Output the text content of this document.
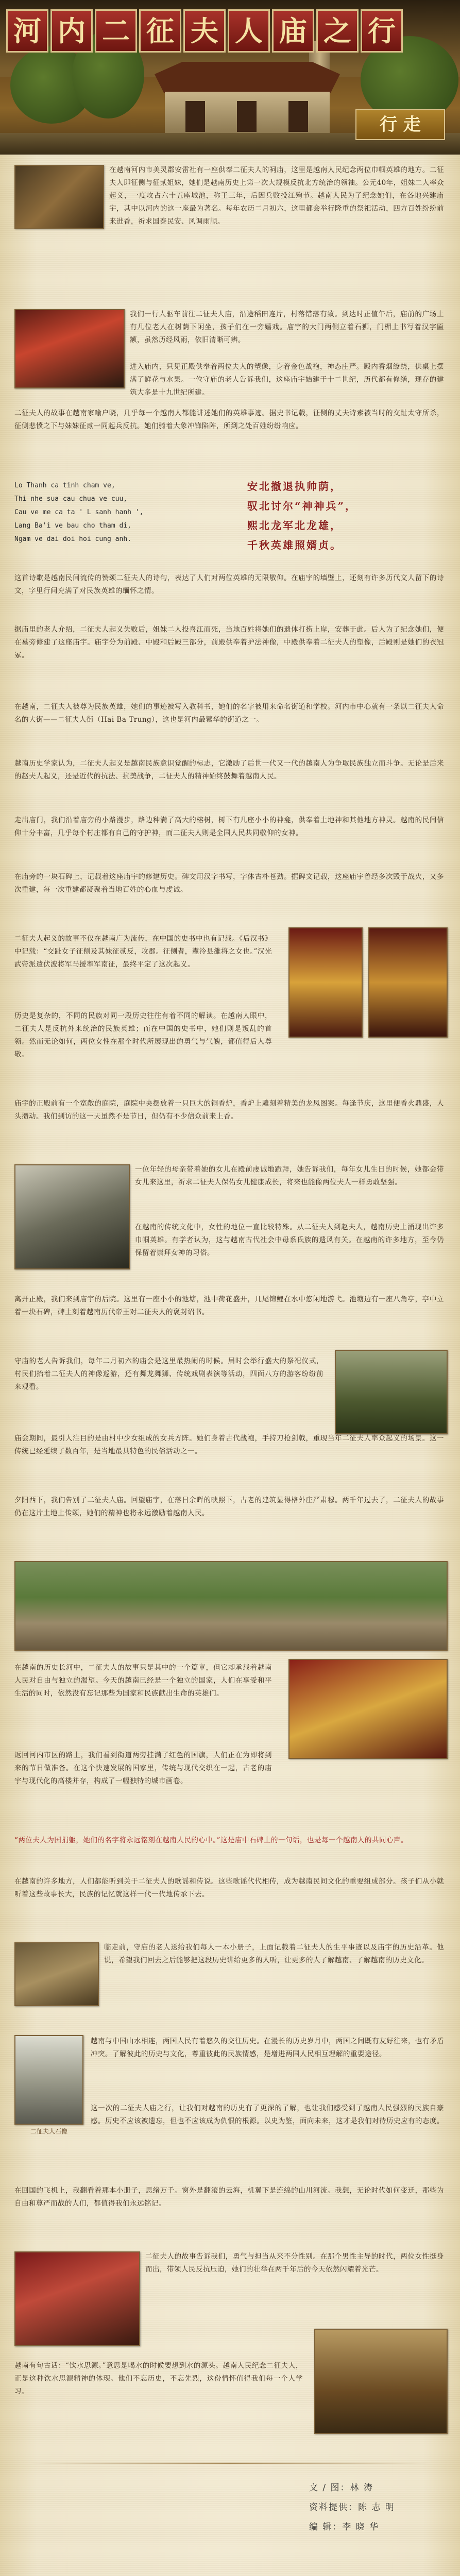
河 内 二 征 夫 人 庙 之 行
行 走
在越南河内市美灵郡安雷社有一座供奉二征夫人的祠庙，这里是越南人民纪念两位巾帼英雄的地方。二征夫人即征侧与征贰姐妹，她们是越南历史上第一次大规模反抗北方统治的领袖。公元40年，姐妹二人率众起义，一度攻占六十五座城池，称王三年，后因兵败投江殉节。越南人民为了纪念她们，在各地兴建庙宇，其中以河内的这一座最为著名。每年农历二月初六，这里都会举行隆重的祭祀活动，四方百姓纷纷前来进香，祈求国泰民安、风调雨顺。
我们一行人驱车前往二征夫人庙，沿途稻田连片，村落错落有致。到达时正值午后，庙前的广场上有几位老人在树荫下闲坐，孩子们在一旁嬉戏。庙宇的大门两侧立着石狮，门楣上书写着汉字匾额，虽然历经风雨，依旧清晰可辨。
进入庙内，只见正殿供奉着两位夫人的塑像，身着金色战袍，神态庄严。殿内香烟缭绕，供桌上摆满了鲜花与水果。一位守庙的老人告诉我们，这座庙宇始建于十二世纪，历代都有修缮，现存的建筑大多是十九世纪所建。
二征夫人的故事在越南家喻户晓，几乎每一个越南人都能讲述她们的英雄事迹。据史书记载，征侧的丈夫诗索被当时的交趾太守所杀，征侧悲愤之下与妹妹征贰一同起兵反抗。她们骑着大象冲锋陷阵，所到之处百姓纷纷响应。
Lo Thanh ca tinh cham ve,
Thi nhe sua cau chua ve cuu,
Cau ve me ca ta ' L sanh hanh ',
Lang Ba'i ve bau cho tham di,
Ngam ve dai doi hoi cung anh.
安北撤退执帅荫，
驭北讨尔“神神兵”，
熙北龙军北龙雄，
千秋英雄照婿贞。
这首诗歌是越南民间流传的赞颂二征夫人的诗句，表达了人们对两位英雄的无限敬仰。在庙宇的墙壁上，还刻有许多历代文人留下的诗文，字里行间充满了对民族英雄的缅怀之情。
据庙里的老人介绍，二征夫人起义失败后，姐妹二人投喜江而死，当地百姓将她们的遗体打捞上岸，安葬于此。后人为了纪念她们，便在墓旁修建了这座庙宇。庙宇分为前殿、中殿和后殿三部分，前殿供奉着护法神像，中殿供奉着二征夫人的塑像，后殿则是她们的衣冠冢。
在越南，二征夫人被尊为民族英雄，她们的事迹被写入教科书，她们的名字被用来命名街道和学校。河内市中心就有一条以二征夫人命名的大街——二征夫人街（Hai Ba Trung），这也是河内最繁华的街道之一。
越南历史学家认为，二征夫人起义是越南民族意识觉醒的标志，它激励了后世一代又一代的越南人为争取民族独立而斗争。无论是后来的赵夫人起义，还是近代的抗法、抗美战争，二征夫人的精神始终鼓舞着越南人民。
走出庙门，我们沿着庙旁的小路漫步，路边种满了高大的榕树，树下有几座小小的神龛，供奉着土地神和其他地方神灵。越南的民间信仰十分丰富，几乎每个村庄都有自己的守护神，而二征夫人则是全国人民共同敬仰的女神。
在庙旁的一块石碑上，记载着这座庙宇的修建历史。碑文用汉字书写，字体古朴苍劲。据碑文记载，这座庙宇曾经多次毁于战火，又多次重建，每一次重建都凝聚着当地百姓的心血与虔诚。
二征夫人起义的故事不仅在越南广为流传，在中国的史书中也有记载。《后汉书》中记载：“交趾女子征侧及其妹征贰反，攻郡。征侧者，麊泠县雒将之女也。”汉光武帝派遣伏波将军马援率军南征，最终平定了这次起义。
历史是复杂的，不同的民族对同一段历史往往有着不同的解读。在越南人眼中，二征夫人是反抗外来统治的民族英雄；而在中国的史书中，她们则是叛乱的首领。然而无论如何，两位女性在那个时代所展现出的勇气与气魄，都值得后人尊敬。
庙宇的正殿前有一个宽敞的庭院，庭院中央摆放着一只巨大的铜香炉，香炉上雕刻着精美的龙凤图案。每逢节庆，这里便香火鼎盛，人头攒动。我们到访的这一天虽然不是节日，但仍有不少信众前来上香。
一位年轻的母亲带着她的女儿在殿前虔诚地跪拜，她告诉我们，每年女儿生日的时候，她都会带女儿来这里，祈求二征夫人保佑女儿健康成长，将来也能像两位夫人一样勇敢坚强。
在越南的传统文化中，女性的地位一直比较特殊。从二征夫人到赵夫人，越南历史上涌现出许多巾帼英雄。有学者认为，这与越南古代社会中母系氏族的遗风有关。在越南的许多地方，至今仍保留着崇拜女神的习俗。
离开正殿，我们来到庙宇的后院。这里有一座小小的池塘，池中荷花盛开，几尾锦鲤在水中悠闲地游弋。池塘边有一座八角亭，亭中立着一块石碑，碑上刻着越南历代帝王对二征夫人的褒封诏书。
守庙的老人告诉我们，每年二月初六的庙会是这里最热闹的时候。届时会举行盛大的祭祀仪式，村民们抬着二征夫人的神像巡游，还有舞龙舞狮、传统戏剧表演等活动，四面八方的游客纷纷前来观看。
庙会期间，最引人注目的是由村中少女组成的女兵方阵。她们身着古代战袍，手持刀枪剑戟，重现当年二征夫人率众起义的场景。这一传统已经延续了数百年，是当地最具特色的民俗活动之一。
夕阳西下，我们告别了二征夫人庙。回望庙宇，在落日余晖的映照下，古老的建筑显得格外庄严肃穆。两千年过去了，二征夫人的故事仍在这片土地上传颂，她们的精神也将永远激励着越南人民。
在越南的历史长河中，二征夫人的故事只是其中的一个篇章，但它却承载着越南人民对自由与独立的渴望。今天的越南已经是一个独立的国家，人们在享受和平生活的同时，依然没有忘记那些为国家和民族献出生命的英雄们。
返回河内市区的路上，我们看到街道两旁挂满了红色的国旗，人们正在为即将到来的节日做准备。在这个快速发展的国家里，传统与现代交织在一起，古老的庙宇与现代化的高楼并存，构成了一幅独特的城市画卷。
“两位夫人为国捐躯，她们的名字将永远铭刻在越南人民的心中。”这是庙中石碑上的一句话，也是每一个越南人的共同心声。
在越南的许多地方，人们都能听到关于二征夫人的歌谣和传说。这些歌谣代代相传，成为越南民间文化的重要组成部分。孩子们从小就听着这些故事长大，民族的记忆就这样一代一代地传承下去。
临走前，守庙的老人送给我们每人一本小册子，上面记载着二征夫人的生平事迹以及庙宇的历史沿革。他说，希望我们回去之后能够把这段历史讲给更多的人听，让更多的人了解越南、了解越南的历史文化。
二征夫人石像
越南与中国山水相连，两国人民有着悠久的交往历史。在漫长的历史岁月中，两国之间既有友好往来，也有矛盾冲突。了解彼此的历史与文化，尊重彼此的民族情感，是增进两国人民相互理解的重要途径。
这一次的二征夫人庙之行，让我们对越南的历史有了更深的了解，也让我们感受到了越南人民强烈的民族自豪感。历史不应该被遗忘，但也不应该成为仇恨的根源。以史为鉴，面向未来，这才是我们对待历史应有的态度。
在回国的飞机上，我翻看着那本小册子，思绪万千。窗外是翻滚的云海，机翼下是连绵的山川河流。我想，无论时代如何变迁，那些为自由和尊严而战的人们，都值得我们永远铭记。
二征夫人的故事告诉我们，勇气与担当从来不分性别。在那个男性主导的时代，两位女性挺身而出，带领人民反抗压迫，她们的壮举在两千年后的今天依然闪耀着光芒。
越南有句古话：“饮水思源。”意思是喝水的时候要想到水的源头。越南人民纪念二征夫人，正是这种饮水思源精神的体现。他们不忘历史，不忘先烈，这份情怀值得我们每一个人学习。
文 / 图：林 涛
资料提供：陈 志 明
编 辑：李 晓 华
